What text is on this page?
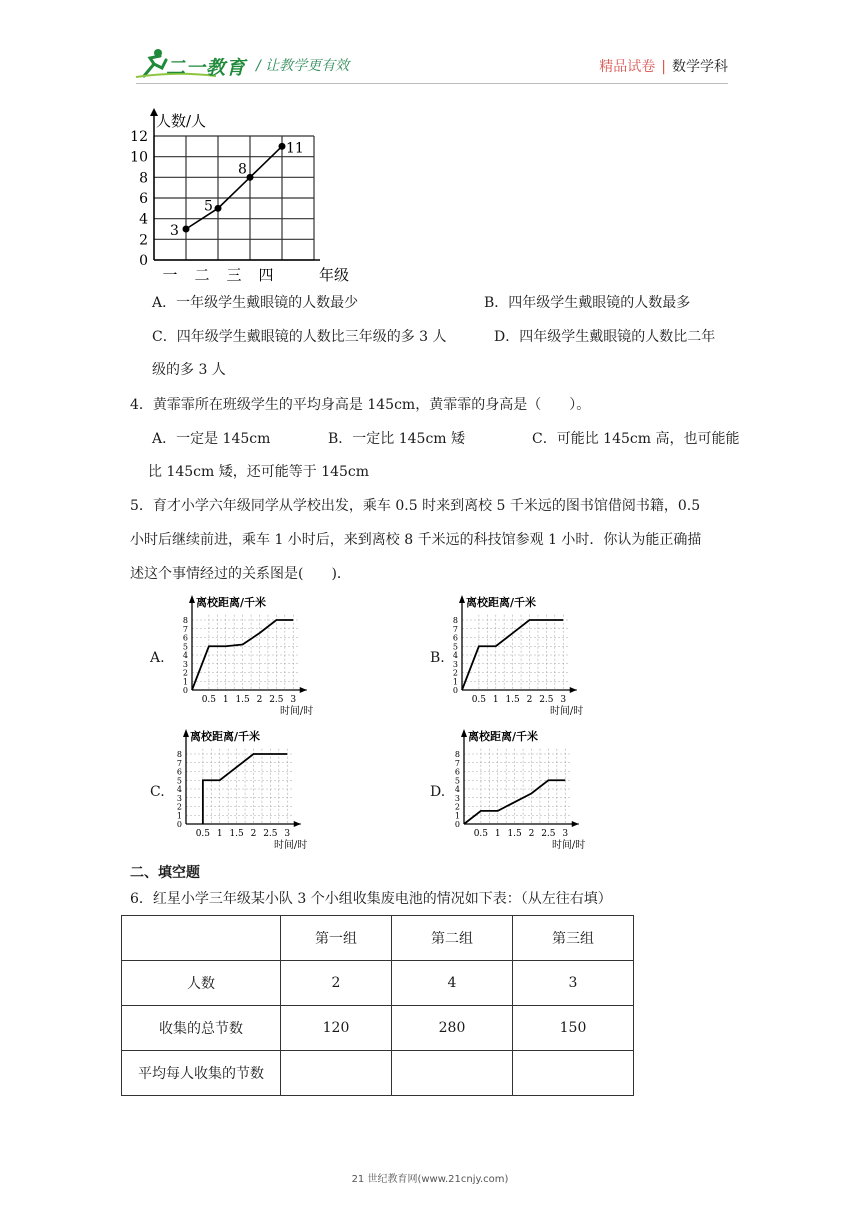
二一教育 / 让教学更有效	精品试卷 | 数学学科
0
2
4
6
8
10
12
一 二 三 四	年级
人数/人
3
5
8
11
A．一年级学生戴眼镜的人数最少	B．四年级学生戴眼镜的人数最多
C．四年级学生戴眼镜的人数比三年级的多 3 人	D．四年级学生戴眼镜的人数比二年
级的多 3 人
4．黄霏霏所在班级学生的平均身高是 145cm，黄霏霏的身高是（　　）。
A．一定是 145cm	B．一定比 145cm 矮	C．可能比 145cm 高，也可能能
比 145cm 矮，还可能等于 145cm
5．育才小学六年级同学从学校出发，乘车 0.5 时来到离校 5 千米远的图书馆借阅书籍，0.5
小时后继续前进，乘车 1 小时后，来到离校 8 千米远的科技馆参观 1 小时．你认为能正确描
述这个事情经过的关系图是(　　)．
A.	B.
C.	D.
离校距离/千米
0
1
2
3
4
5
6
7
8
0.5 1 1.5 2 2.5 3
时间/时
离校距离/千米
0
1
2
3
4
5
6
7
8
0.5 1 1.5 2 2.5 3
时间/时
离校距离/千米
0
1
2
3
4
5
6
7
8
0.5 1 1.5 2 2.5 3
时间/时
离校距离/千米
0
1
2
3
4
5
6
7
8
0.5 1 1.5 2 2.5 3
时间/时
二、填空题
6．红星小学三年级某小队 3 个小组收集废电池的情况如下表：（从左往右填）
	第一组	第二组	第三组
人数	2	4	3
收集的总节数	120	280	150
平均每人收集的节数			
21 世纪教育网(www.21cnjy.com)
